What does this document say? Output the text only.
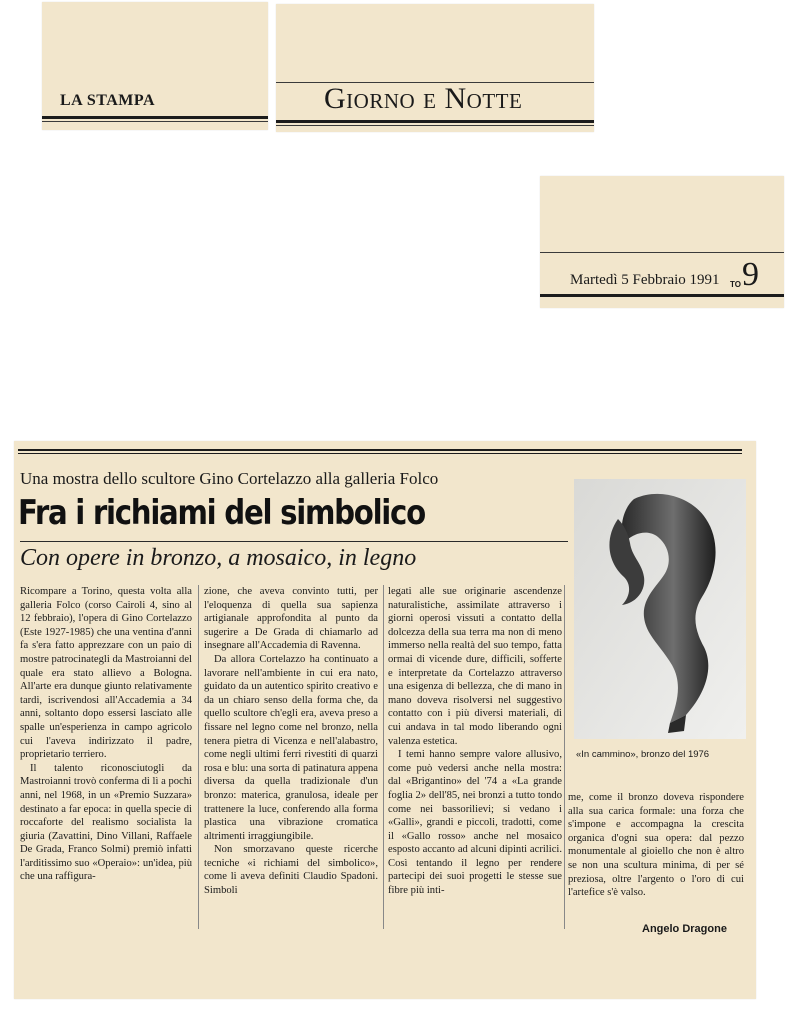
LA STAMPA	Giorno e Notte
Martedì 5 Febbraio 1991 TO 9
Una mostra dello scultore Gino Cortelazzo alla galleria Folco
Fra i richiami del simbolico
Con opere in bronzo, a mosaico, in legno
«In cammino», bronzo del 1976

Ricompare a Torino, questa volta alla galleria Folco (corso Cairoli 4, sino al 12 febbraio), l'opera di Gino Cortelazzo (Este 1927-1985) che una ventina d'anni fa s'era fatto apprezzare con un paio di mostre patrocinategli da Mastroianni del quale era stato allievo a Bologna. All'arte era dunque giunto relativamente tardi, iscrivendosi all'Accademia a 34 anni, soltanto dopo essersi lasciato alle spalle un'esperienza in campo agricolo cui l'aveva indirizzato il padre, proprietario terriero.

Il talento riconosciutogli da Mastroianni trovò conferma di lì a pochi anni, nel 1968, in un «Premio Suzzara» destinato a far epoca: in quella specie di roccaforte del realismo socialista la giuria (Zavattini, Dino Villani, Raffaele De Grada, Franco Solmi) premiò infatti l'arditissimo suo «Operaio»: un'idea, più che una raffigura-

zione, che aveva convinto tutti, per l'eloquenza di quella sua sapienza artigianale approfondita al punto da sugerire a De Grada di chiamarlo ad insegnare all'Accademia di Ravenna.

Da allora Cortelazzo ha continuato a lavorare nell'ambiente in cui era nato, guidato da un autentico spirito creativo e da un chiaro senso della forma che, da quello scultore ch'egli era, aveva preso a fissare nel legno come nel bronzo, nella tenera pietra di Vicenza e nell'alabastro, come negli ultimi ferri rivestiti di quarzi rosa e blu: una sorta di patinatura appena diversa da quella tradizionale d'un bronzo: materica, granulosa, ideale per trattenere la luce, conferendo alla forma plastica una vibrazione cromatica altrimenti irraggiungibile.

Non smorzavano queste ricerche tecniche «i richiami del simbolico», come li aveva definiti Claudio Spadoni. Simboli

legati alle sue originarie ascendenze naturalistiche, assimilate attraverso i giorni operosi vissuti a contatto della dolcezza della sua terra ma non di meno immerso nella realtà del suo tempo, fatta ormai di vicende dure, difficili, sofferte e interpretate da Cortelazzo attraverso una esigenza di bellezza, che di mano in mano doveva risolversi nel suggestivo contatto con i più diversi materiali, di cui andava in tal modo liberando ogni valenza estetica.

I temi hanno sempre valore allusivo, come può vedersi anche nella mostra: dal «Brigantino» del '74 a «La grande foglia 2» dell'85, nei bronzi a tutto tondo come nei bassorilievi; si vedano i «Galli», grandi e piccoli, tradotti, come il «Gallo rosso» anche nel mosaico esposto accanto ad alcuni dipinti acrilici. Così tentando il legno per rendere partecipi dei suoi progetti le stesse sue fibre più inti-

me, come il bronzo doveva rispondere alla sua carica formale: una forza che s'impone e accompagna la crescita organica d'ogni sua opera: dal pezzo monumentale al gioiello che non è altro se non una scultura minima, di per sé preziosa, oltre l'argento o l'oro di cui l'artefice s'è valso.

Angelo Dragone
